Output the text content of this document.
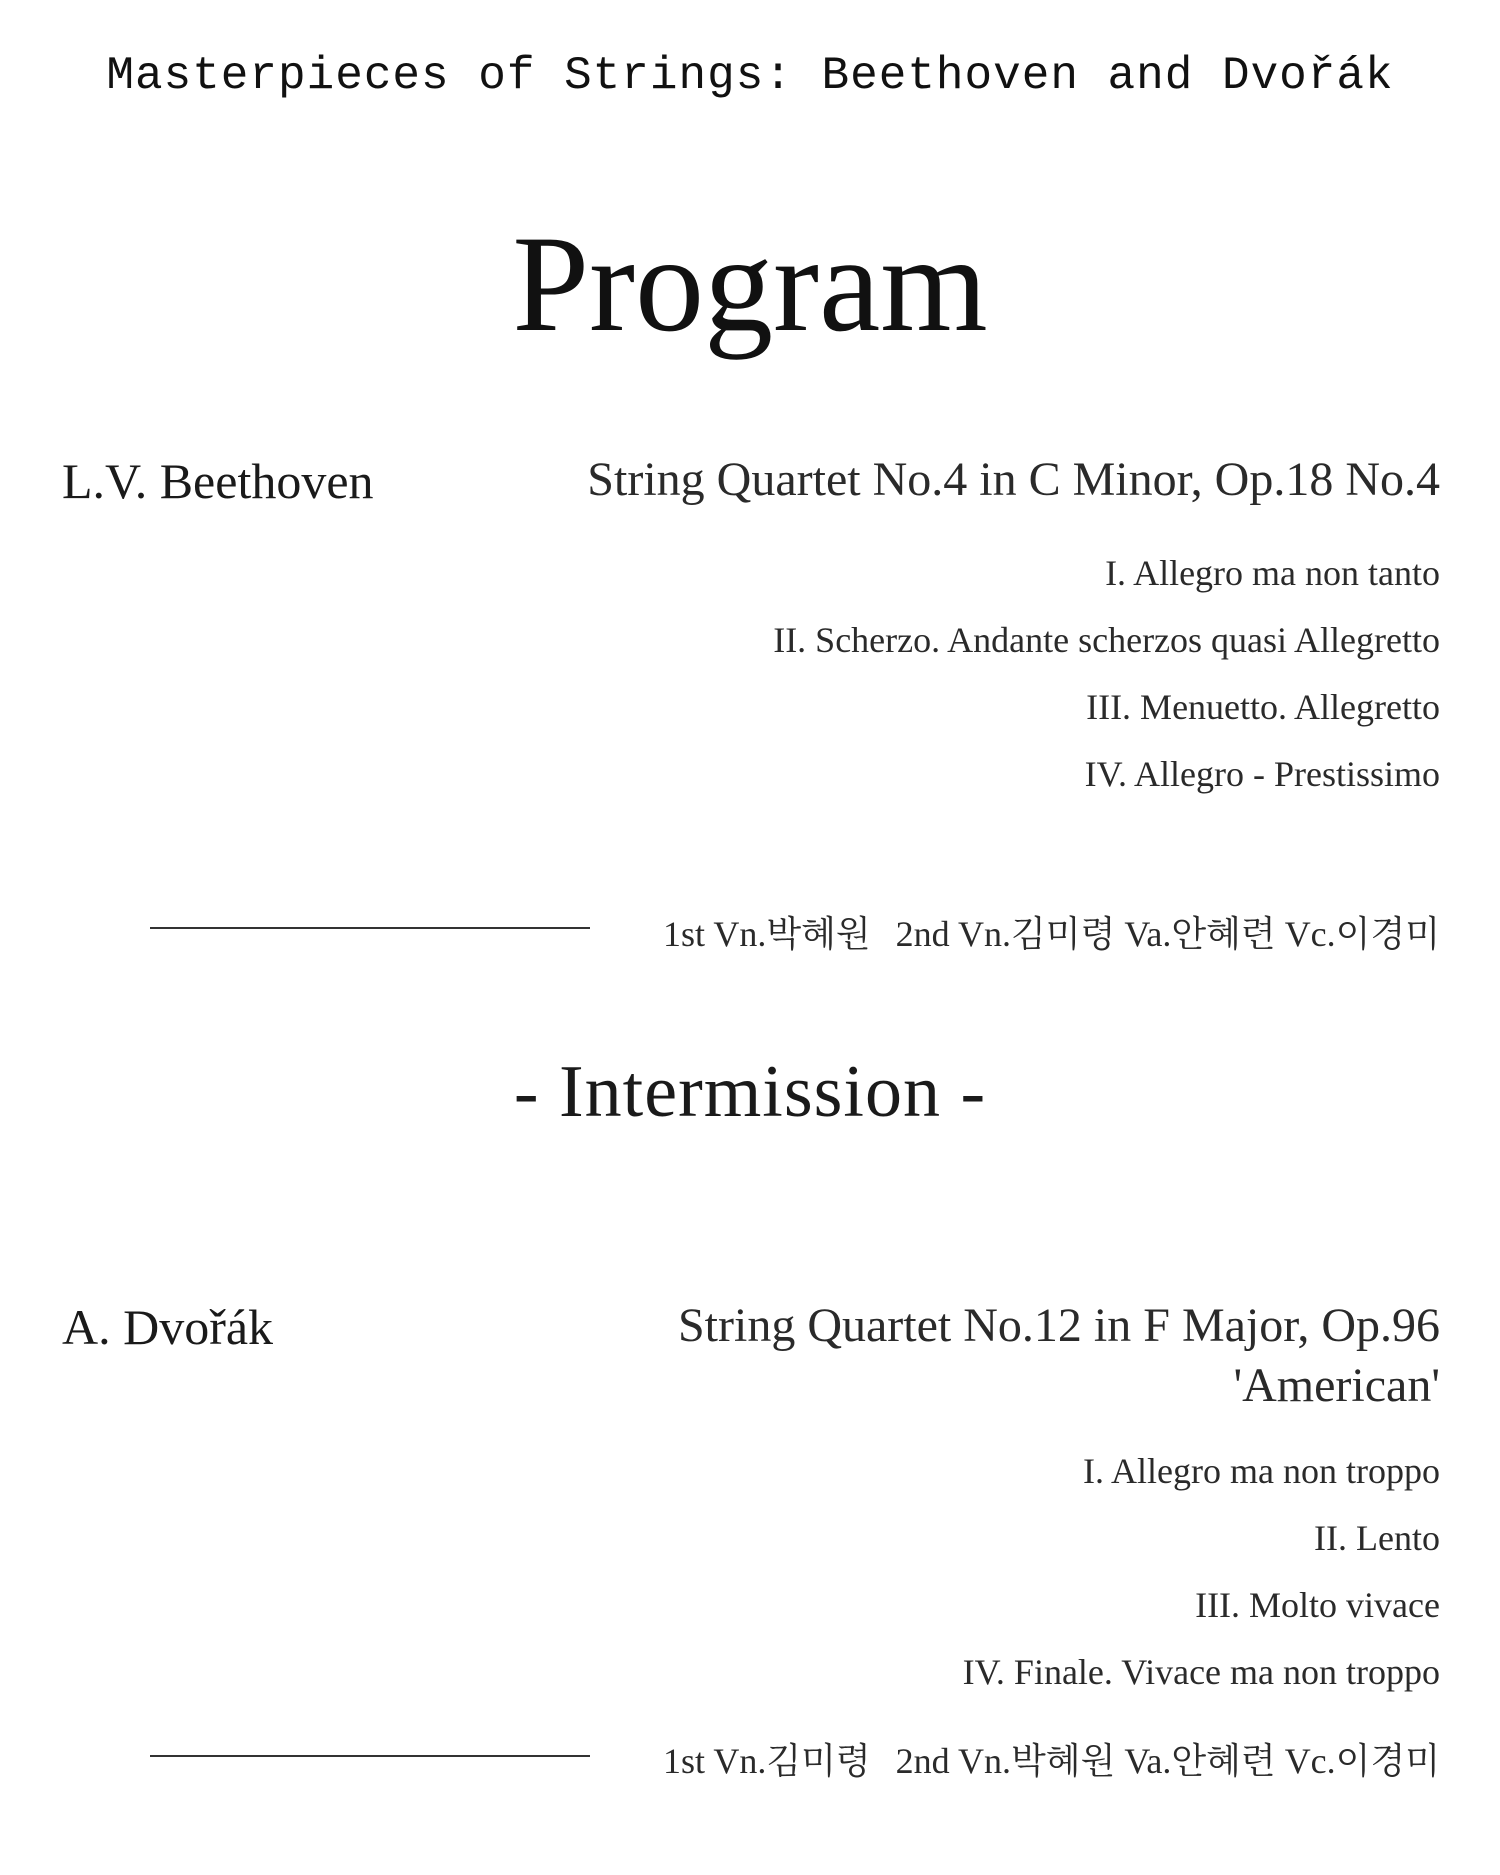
Masterpieces of Strings: Beethoven and Dvořák
Program
L.V. Beethoven	String Quartet No.4 in C Minor, Op.18 No.4
I. Allegro ma non tanto
II. Scherzo. Andante scherzos quasi Allegretto
III. Menuetto. Allegretto
IV. Allegro - Prestissimo
1st Vn.박혜원 2nd Vn.김미령 Va.안혜련 Vc.이경미
- Intermission -
A. Dvořák	String Quartet No.12 in F Major, Op.96
'American'
I. Allegro ma non troppo
II. Lento
III. Molto vivace
IV. Finale. Vivace ma non troppo
1st Vn.김미령 2nd Vn.박혜원 Va.안혜련 Vc.이경미
